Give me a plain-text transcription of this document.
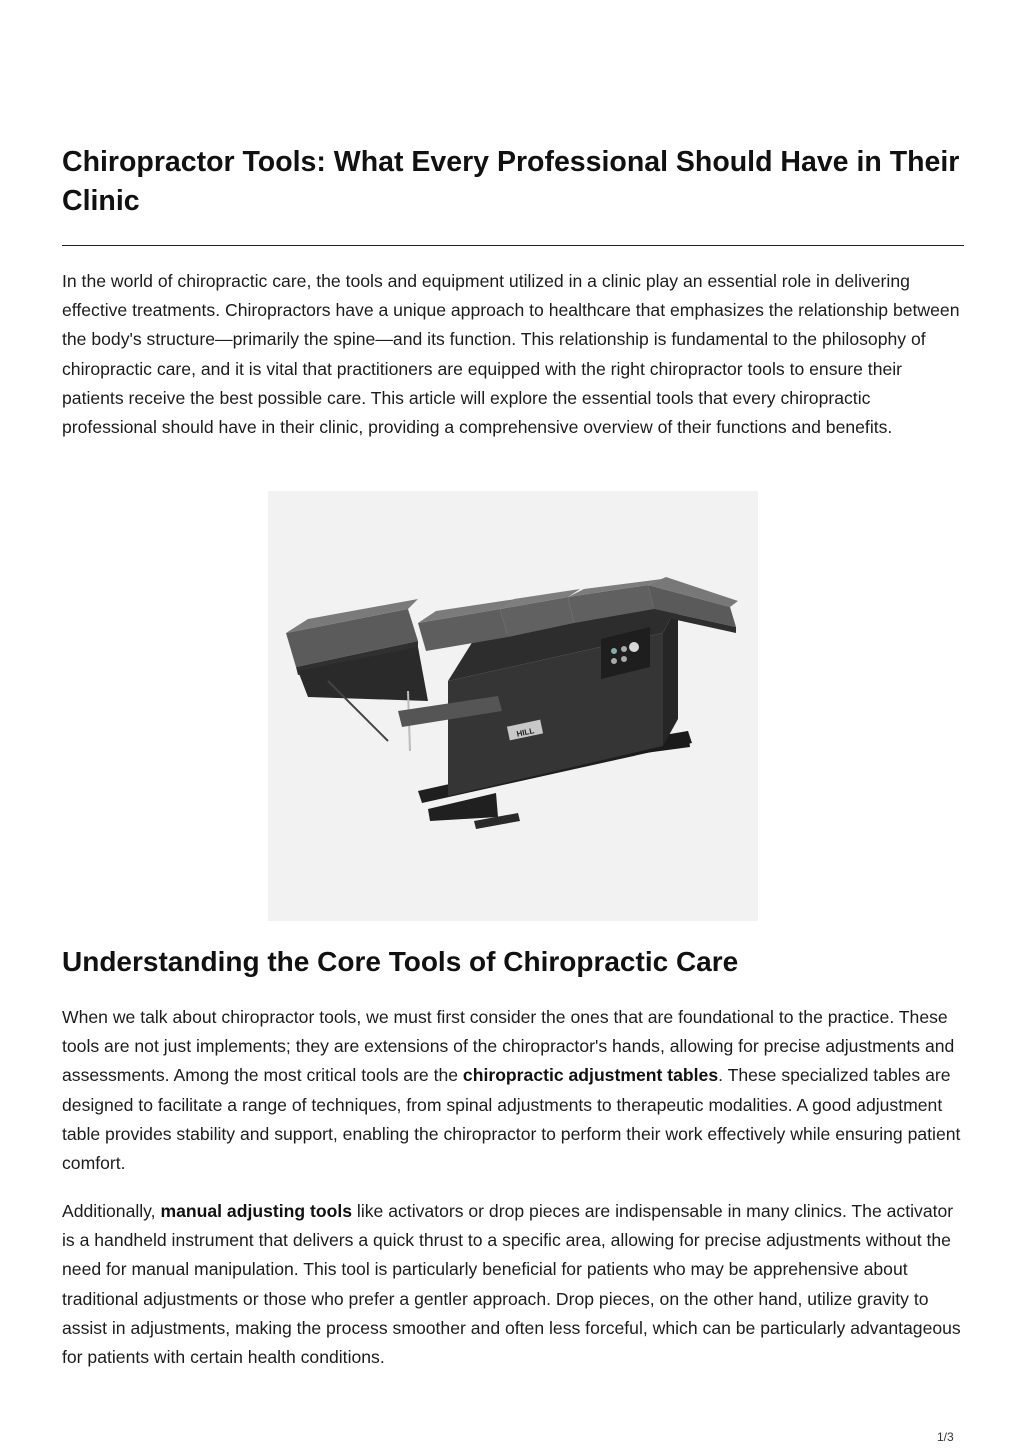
Chiropractor Tools: What Every Professional Should Have in Their Clinic

In the world of chiropractic care, the tools and equipment utilized in a clinic play an essential role in delivering effective treatments. Chiropractors have a unique approach to healthcare that emphasizes the relationship between the body's structure—primarily the spine—and its function. This relationship is fundamental to the philosophy of chiropractic care, and it is vital that practitioners are equipped with the right chiropractor tools to ensure their patients receive the best possible care. This article will explore the essential tools that every chiropractic professional should have in their clinic, providing a comprehensive overview of their functions and benefits.

HILL
Understanding the Core Tools of Chiropractic Care

When we talk about chiropractor tools, we must first consider the ones that are foundational to the practice. These tools are not just implements; they are extensions of the chiropractor's hands, allowing for precise adjustments and assessments. Among the most critical tools are the chiropractic adjustment tables. These specialized tables are designed to facilitate a range of techniques, from spinal adjustments to therapeutic modalities. A good adjustment table provides stability and support, enabling the chiropractor to perform their work effectively while ensuring patient comfort.

Additionally, manual adjusting tools like activators or drop pieces are indispensable in many clinics. The activator is a handheld instrument that delivers a quick thrust to a specific area, allowing for precise adjustments without the need for manual manipulation. This tool is particularly beneficial for patients who may be apprehensive about traditional adjustments or those who prefer a gentler approach. Drop pieces, on the other hand, utilize gravity to assist in adjustments, making the process smoother and often less forceful, which can be particularly advantageous for patients with certain health conditions.

1/3
